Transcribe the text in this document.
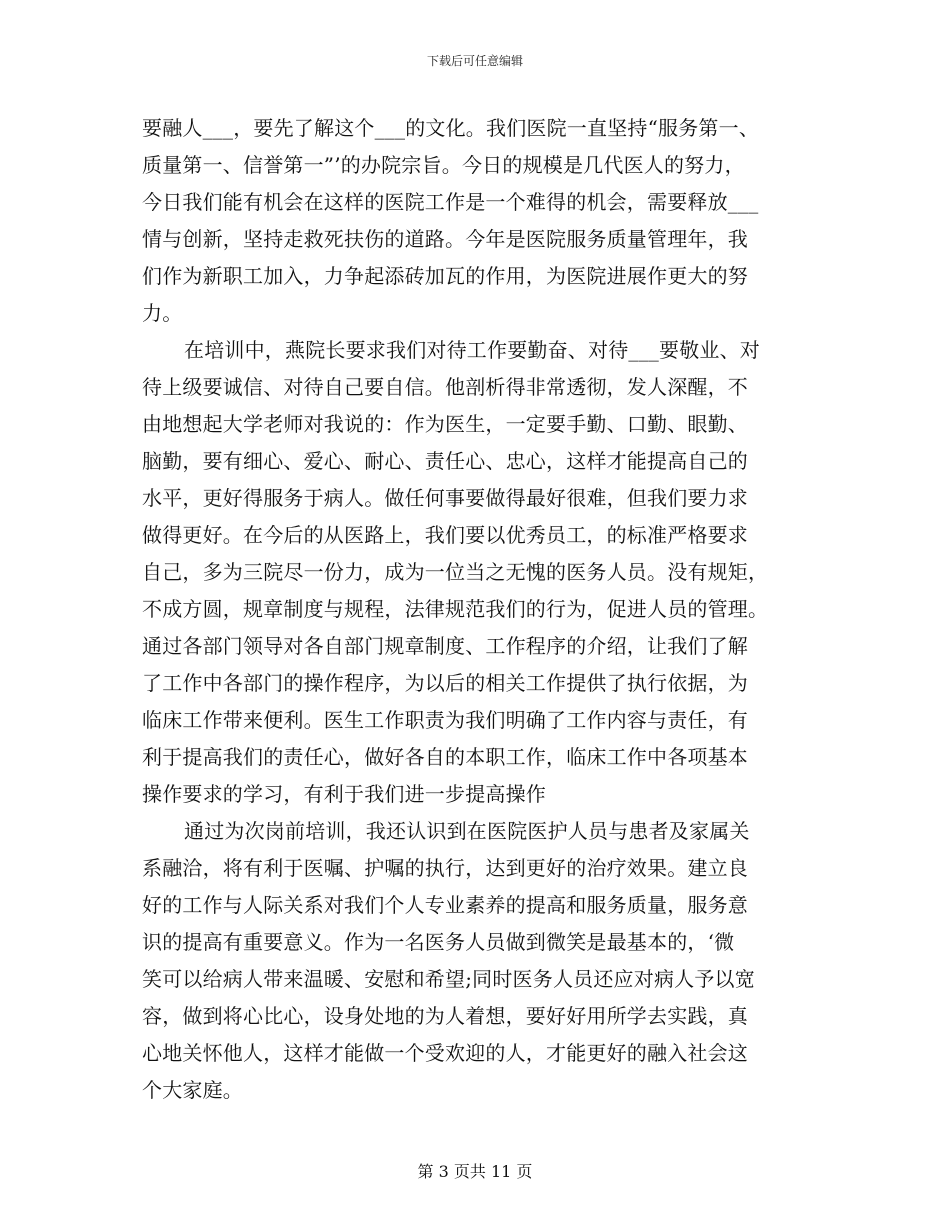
下载后可任意编辑
要融人___，要先了解这个___的文化。我们医院一直坚持“服务第一、
质量第一、信誉第一”’的办院宗旨。今日的规模是几代医人的努力，
今日我们能有机会在这样的医院工作是一个难得的机会，需要释放___
情与创新，坚持走救死扶伤的道路。今年是医院服务质量管理年，我
们作为新职工加入，力争起添砖加瓦的作用，为医院进展作更大的努
力。
在培训中，燕院长要求我们对待工作要勤奋、对待___要敬业、对
待上级要诚信、对待自己要自信。他剖析得非常透彻，发人深醒，不
由地想起大学老师对我说的：作为医生，一定要手勤、口勤、眼勤、
脑勤，要有细心、爱心、耐心、责任心、忠心，这样才能提高自己的
水平，更好得服务于病人。做任何事要做得最好很难，但我们要力求
做得更好。在今后的从医路上，我们要以优秀员工，的标准严格要求
自己，多为三院尽一份力，成为一位当之无愧的医务人员。没有规矩，
不成方圆，规章制度与规程，法律规范我们的行为，促进人员的管理。
通过各部门领导对各自部门规章制度、工作程序的介绍，让我们了解
了工作中各部门的操作程序，为以后的相关工作提供了执行依据，为
临床工作带来便利。医生工作职责为我们明确了工作内容与责任，有
利于提高我们的责任心，做好各自的本职工作，临床工作中各项基本
操作要求的学习，有利于我们进一步提高操作
通过为次岗前培训，我还认识到在医院医护人员与患者及家属关
系融洽，将有利于医嘱、护嘱的执行，达到更好的治疗效果。建立良
好的工作与人际关系对我们个人专业素养的提高和服务质量，服务意
识的提高有重要意义。作为一名医务人员做到微笑是最基本的，‘微
笑可以给病人带来温暖、安慰和希望;同时医务人员还应对病人予以宽
容，做到将心比心，设身处地的为人着想，要好好用所学去实践，真
心地关怀他人，这样才能做一个受欢迎的人，才能更好的融入社会这
个大家庭。
第 3 页共 11 页
